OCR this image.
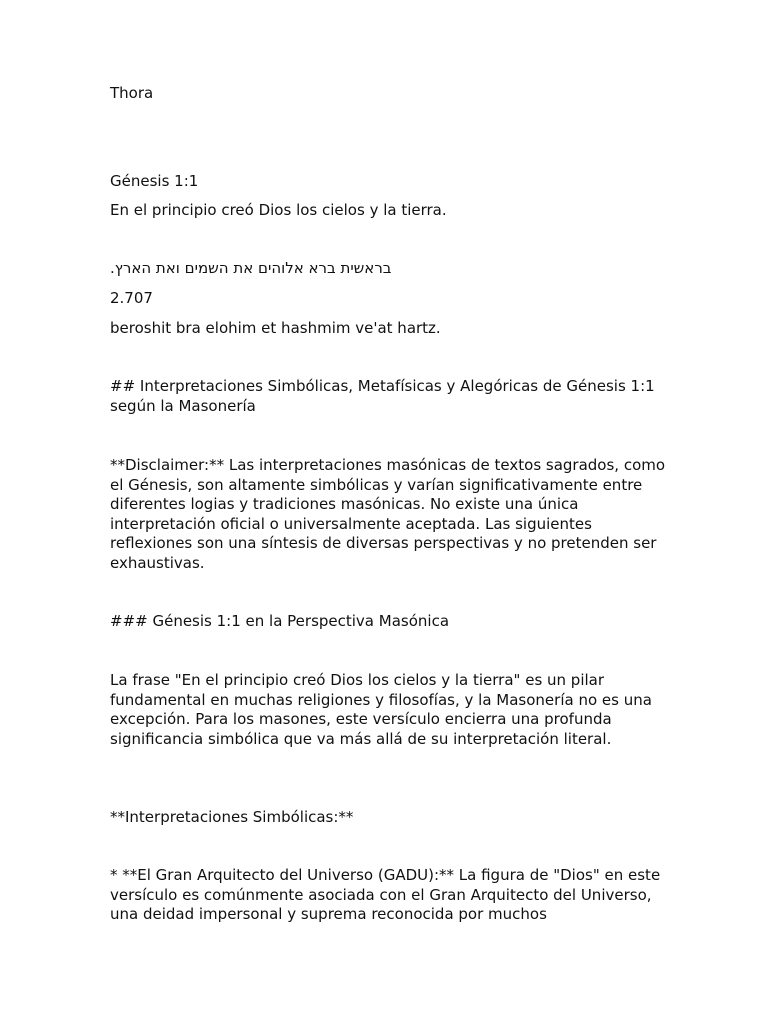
Thora
Génesis 1:1
En el principio creó Dios los cielos y la tierra.
בראשית ברא אלוהים את השמים ואת הארץ.
2.707
beroshit bra elohim et hashmim ve'at hartz.
## Interpretaciones Simbólicas, Metafísicas y Alegóricas de Génesis 1:1 según la Masonería
**Disclaimer:** Las interpretaciones masónicas de textos sagrados, como el Génesis, son altamente simbólicas y varían significativamente entre diferentes logias y tradiciones masónicas. No existe una única interpretación oficial o universalmente aceptada. Las siguientes reflexiones son una síntesis de diversas perspectivas y no pretenden ser exhaustivas.
### Génesis 1:1 en la Perspectiva Masónica
La frase "En el principio creó Dios los cielos y la tierra" es un pilar fundamental en muchas religiones y filosofías, y la Masonería no es una excepción. Para los masones, este versículo encierra una profunda significancia simbólica que va más allá de su interpretación literal.
**Interpretaciones Simbólicas:**
* **El Gran Arquitecto del Universo (GADU):** La figura de "Dios" en este versículo es comúnmente asociada con el Gran Arquitecto del Universo, una deidad impersonal y suprema reconocida por muchos
